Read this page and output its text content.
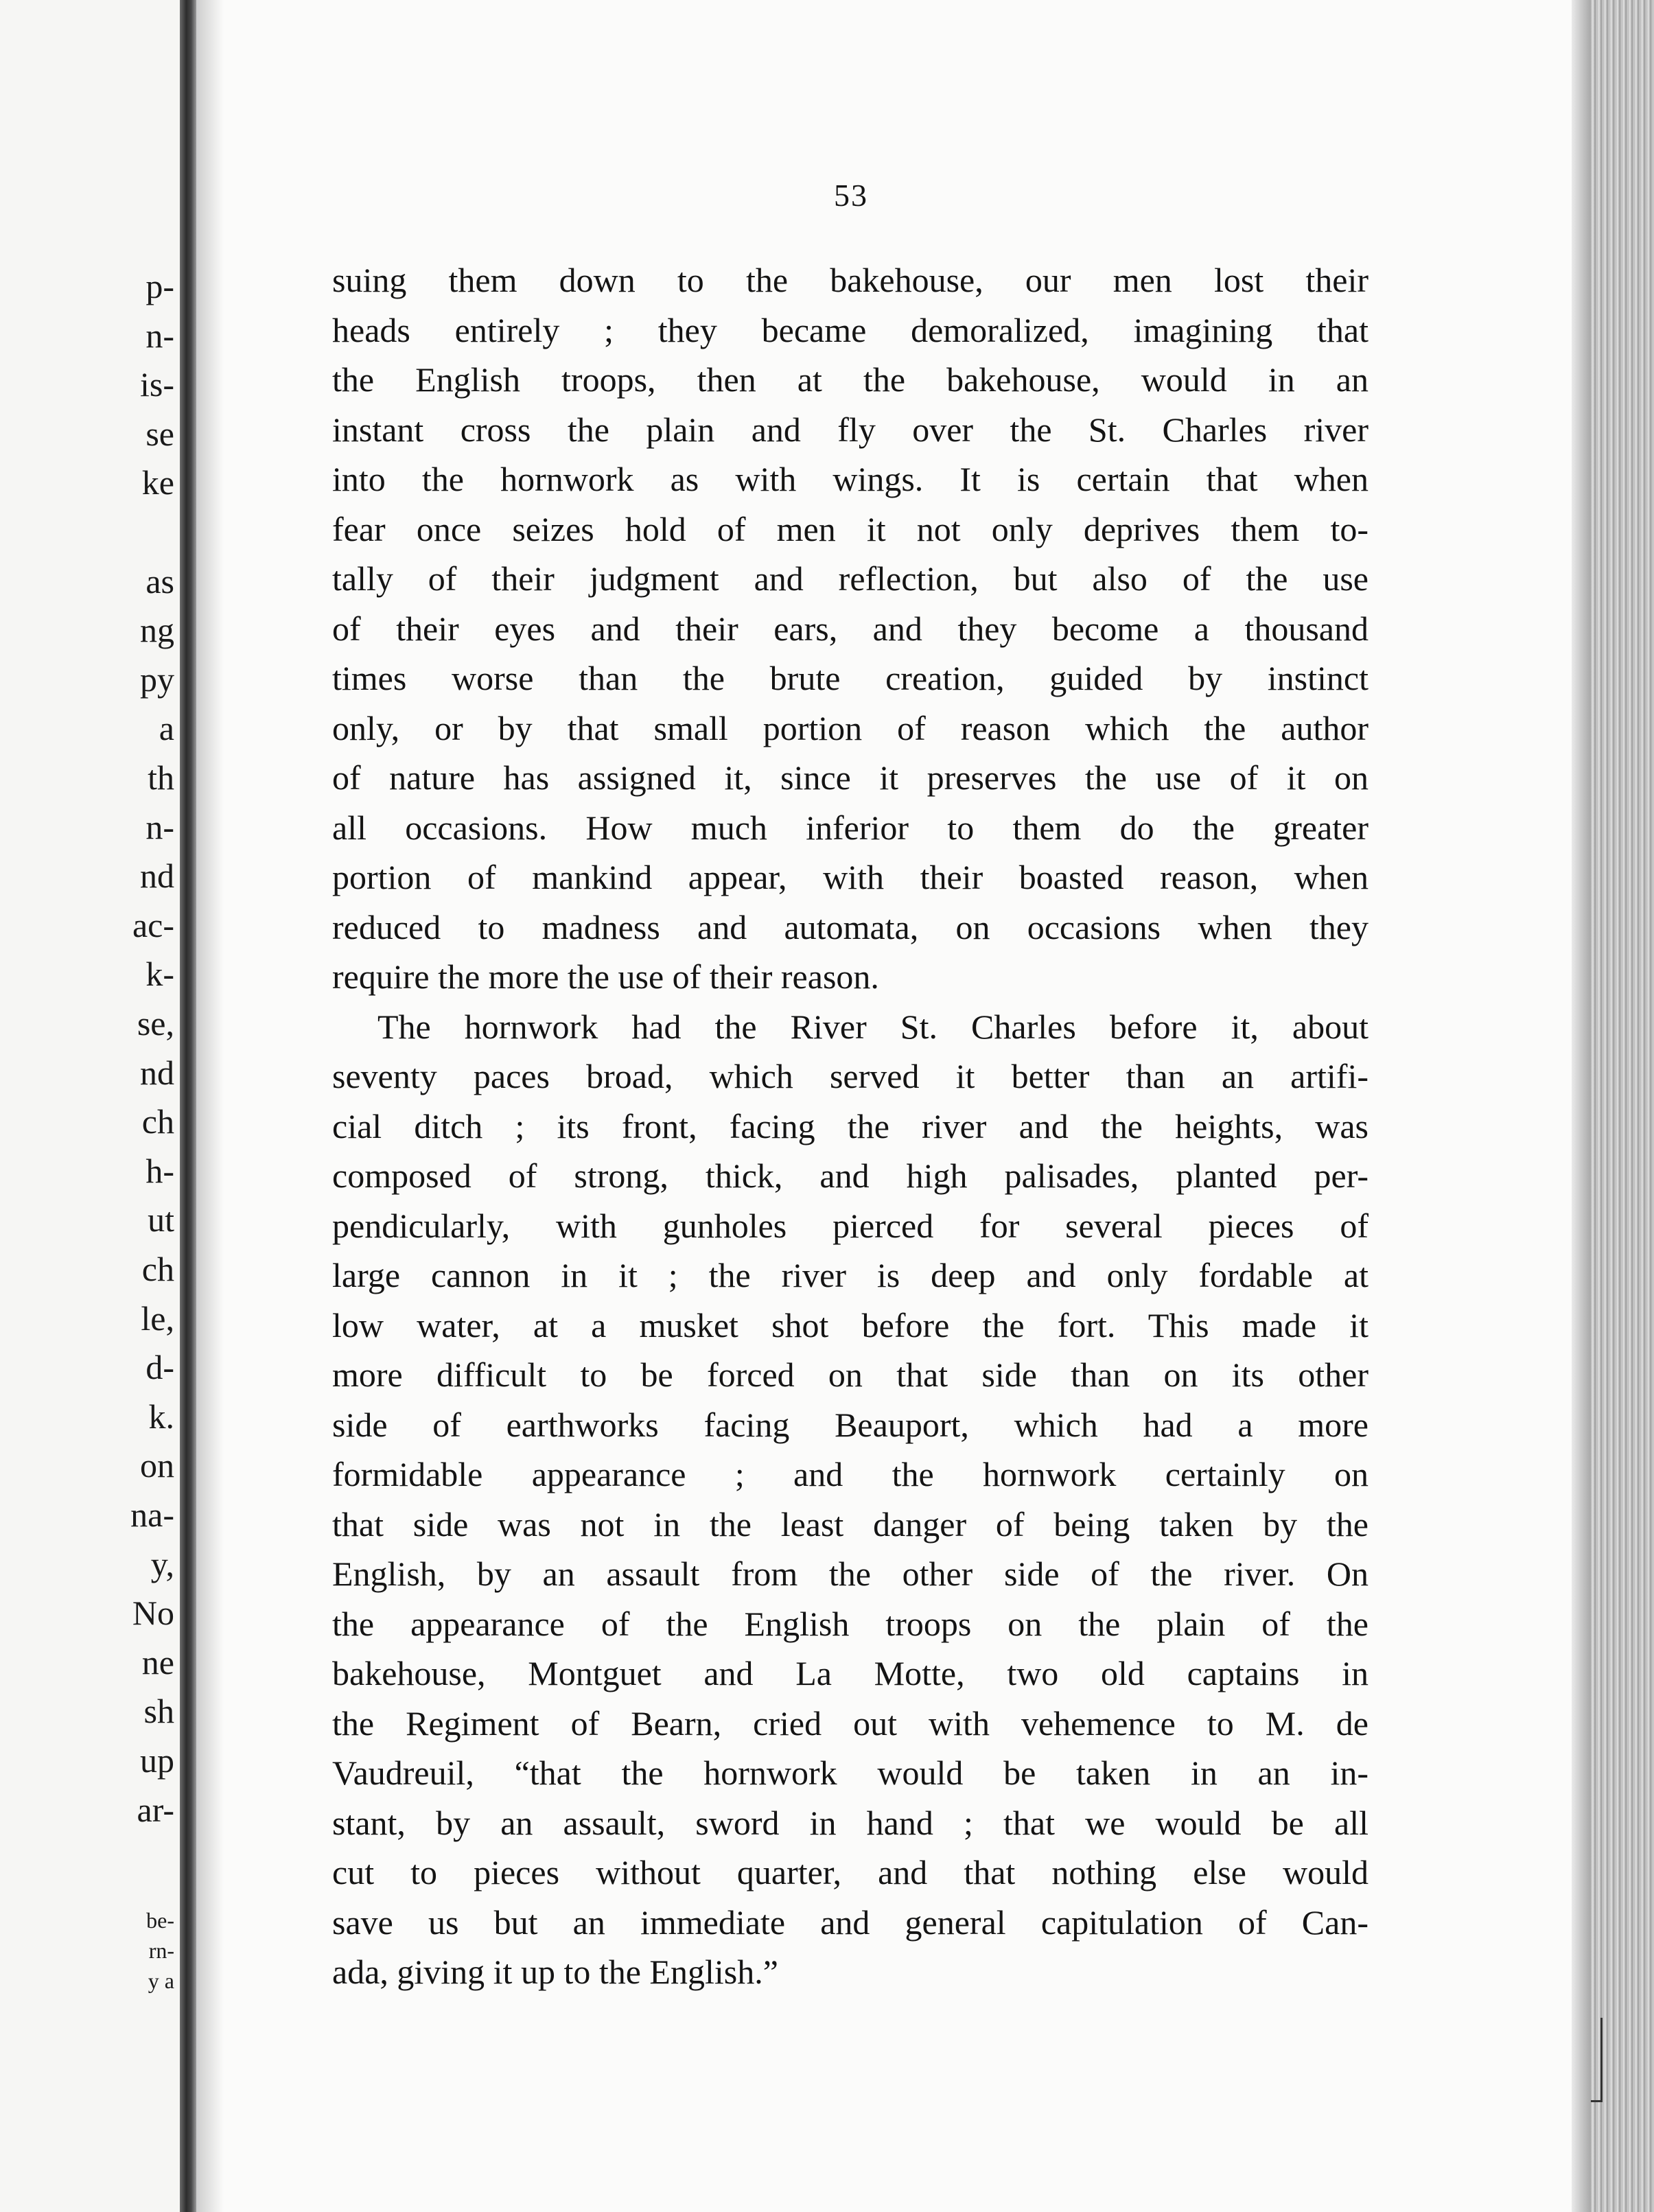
p-
n-
is-
se
ke
as
ng
py
a
th
n-
nd
ac-
k-
se,
nd
ch
h-
ut
ch
le,
d-
k.
on
na-
y,
No
ne
sh
up
ar-
be-
rn-
y a
53
suing them down to the bakehouse, our men lost their
heads entirely ; they became demoralized, imagining that
the English troops, then at the bakehouse, would in an
instant cross the plain and fly over the St. Charles river
into the hornwork as with wings. It is certain that when
fear once seizes hold of men it not only deprives them to-
tally of their judgment and reflection, but also of the use
of their eyes and their ears, and they become a thousand
times worse than the brute creation, guided by instinct
only, or by that small portion of reason which the author
of nature has assigned it, since it preserves the use of it on
all occasions. How much inferior to them do the greater
portion of mankind appear, with their boasted reason, when
reduced to madness and automata, on occasions when they
require the more the use of their reason.
The hornwork had the River St. Charles before it, about
seventy paces broad, which served it better than an artifi-
cial ditch ; its front, facing the river and the heights, was
composed of strong, thick, and high palisades, planted per-
pendicularly, with gunholes pierced for several pieces of
large cannon in it ; the river is deep and only fordable at
low water, at a musket shot before the fort. This made it
more difficult to be forced on that side than on its other
side of earthworks facing Beauport, which had a more
formidable appearance ; and the hornwork certainly on
that side was not in the least danger of being taken by the
English, by an assault from the other side of the river. On
the appearance of the English troops on the plain of the
bakehouse, Montguet and La Motte, two old captains in
the Regiment of Bearn, cried out with vehemence to M. de
Vaudreuil, “that the hornwork would be taken in an in-
stant, by an assault, sword in hand ; that we would be all
cut to pieces without quarter, and that nothing else would
save us but an immediate and general capitulation of Can-
ada, giving it up to the English.”
